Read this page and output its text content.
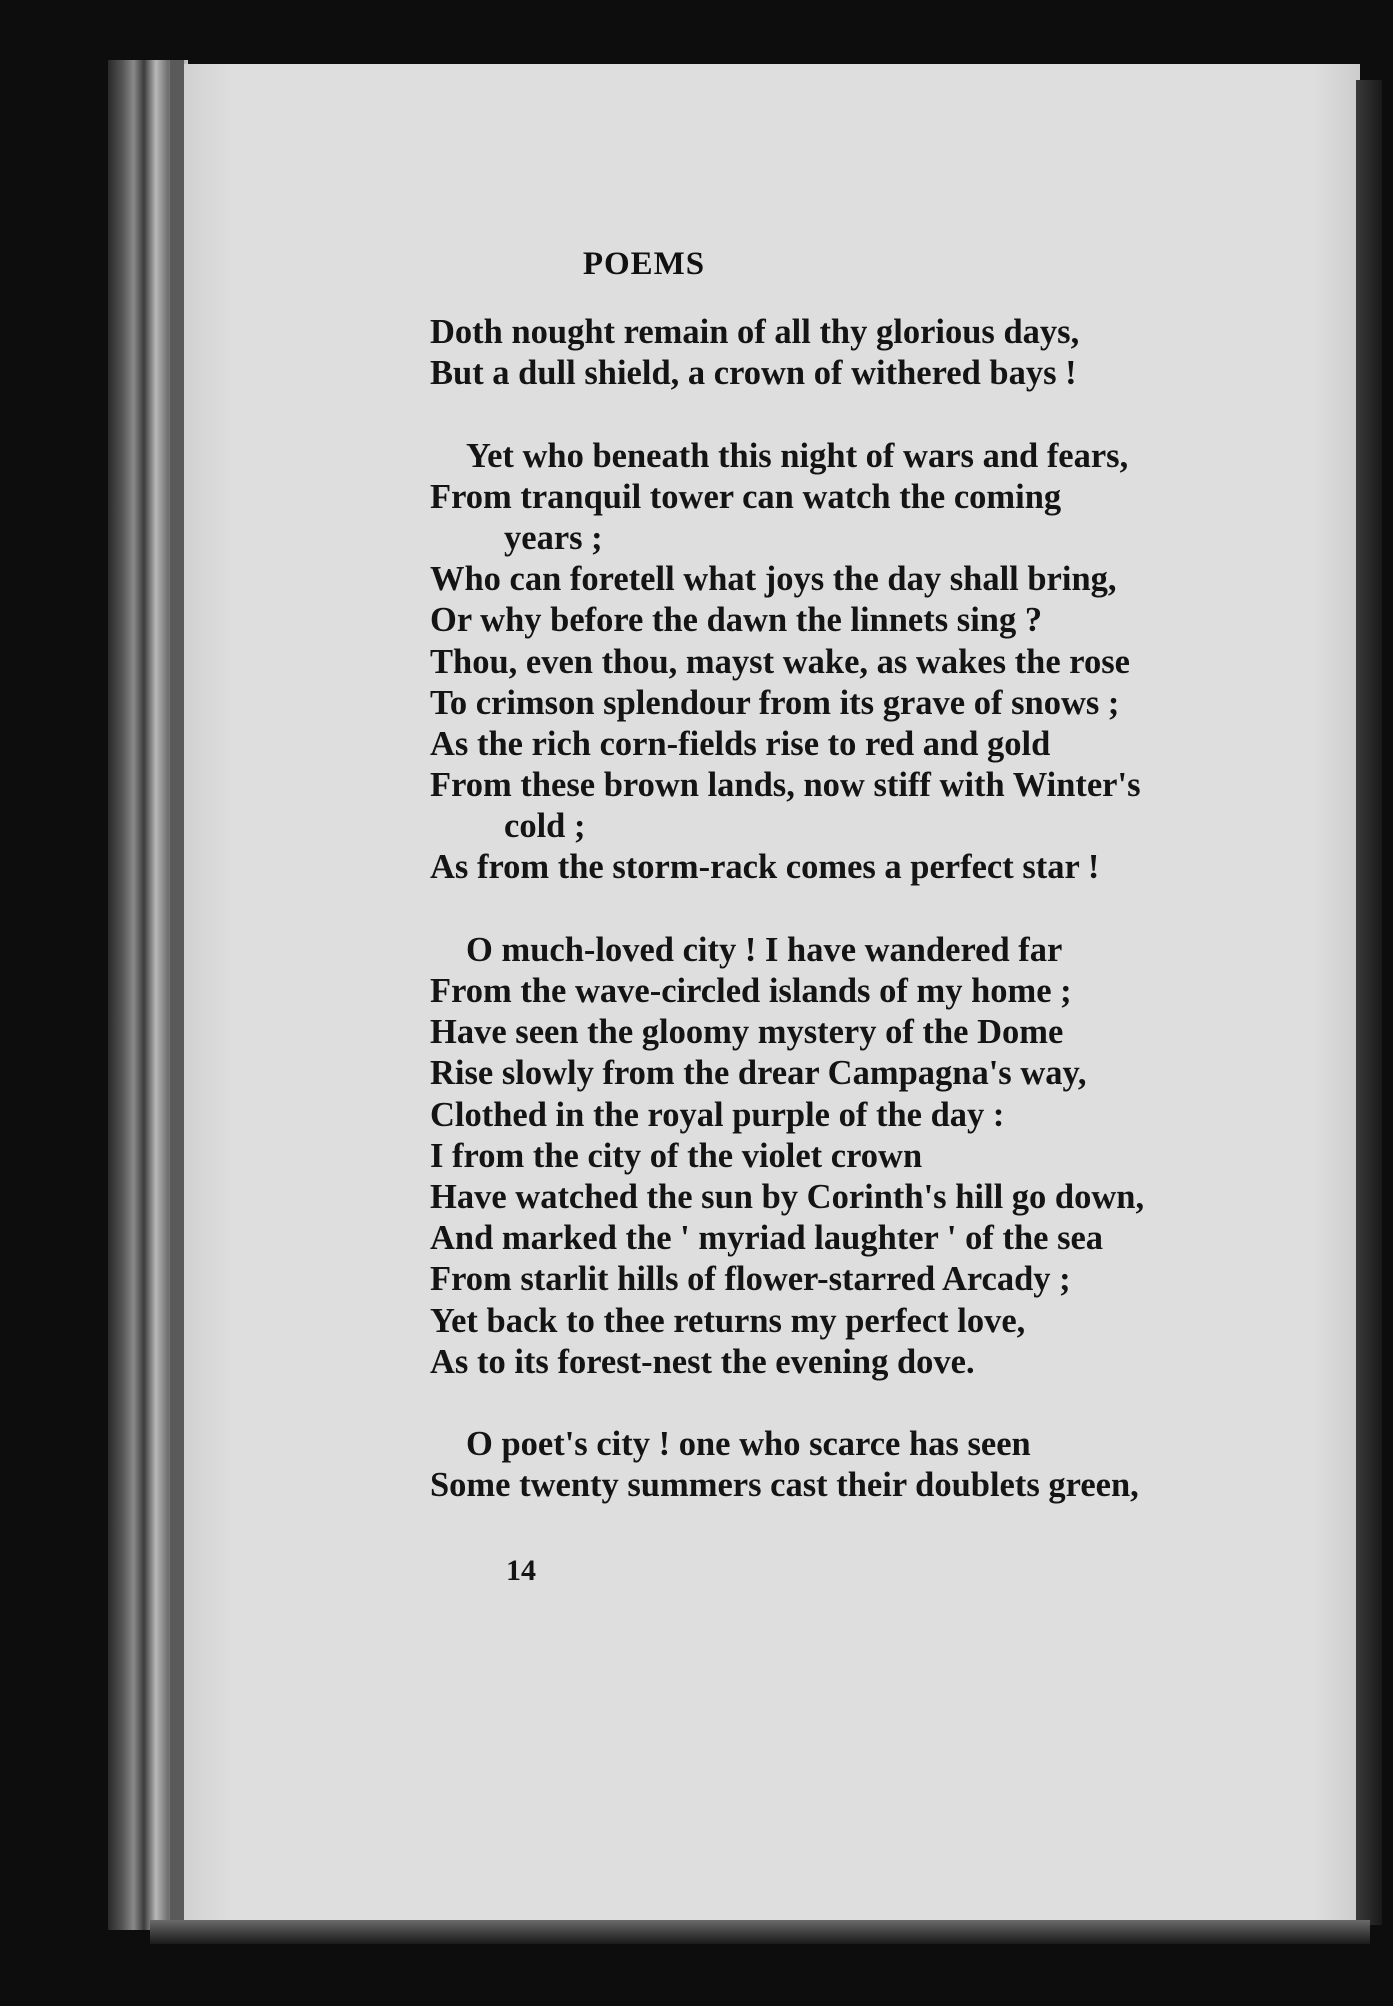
POEMS
Doth nought remain of all thy glorious days,
But a dull shield, a crown of withered bays !
Yet who beneath this night of wars and fears,
From tranquil tower can watch the coming
years ;
Who can foretell what joys the day shall bring,
Or why before the dawn the linnets sing ?
Thou, even thou, mayst wake, as wakes the rose
To crimson splendour from its grave of snows ;
As the rich corn-fields rise to red and gold
From these brown lands, now stiff with Winter's
cold ;
As from the storm-rack comes a perfect star !
O much-loved city ! I have wandered far
From the wave-circled islands of my home ;
Have seen the gloomy mystery of the Dome
Rise slowly from the drear Campagna's way,
Clothed in the royal purple of the day :
I from the city of the violet crown
Have watched the sun by Corinth's hill go down,
And marked the ' myriad laughter ' of the sea
From starlit hills of flower-starred Arcady ;
Yet back to thee returns my perfect love,
As to its forest-nest the evening dove.
O poet's city ! one who scarce has seen
Some twenty summers cast their doublets green,
14
